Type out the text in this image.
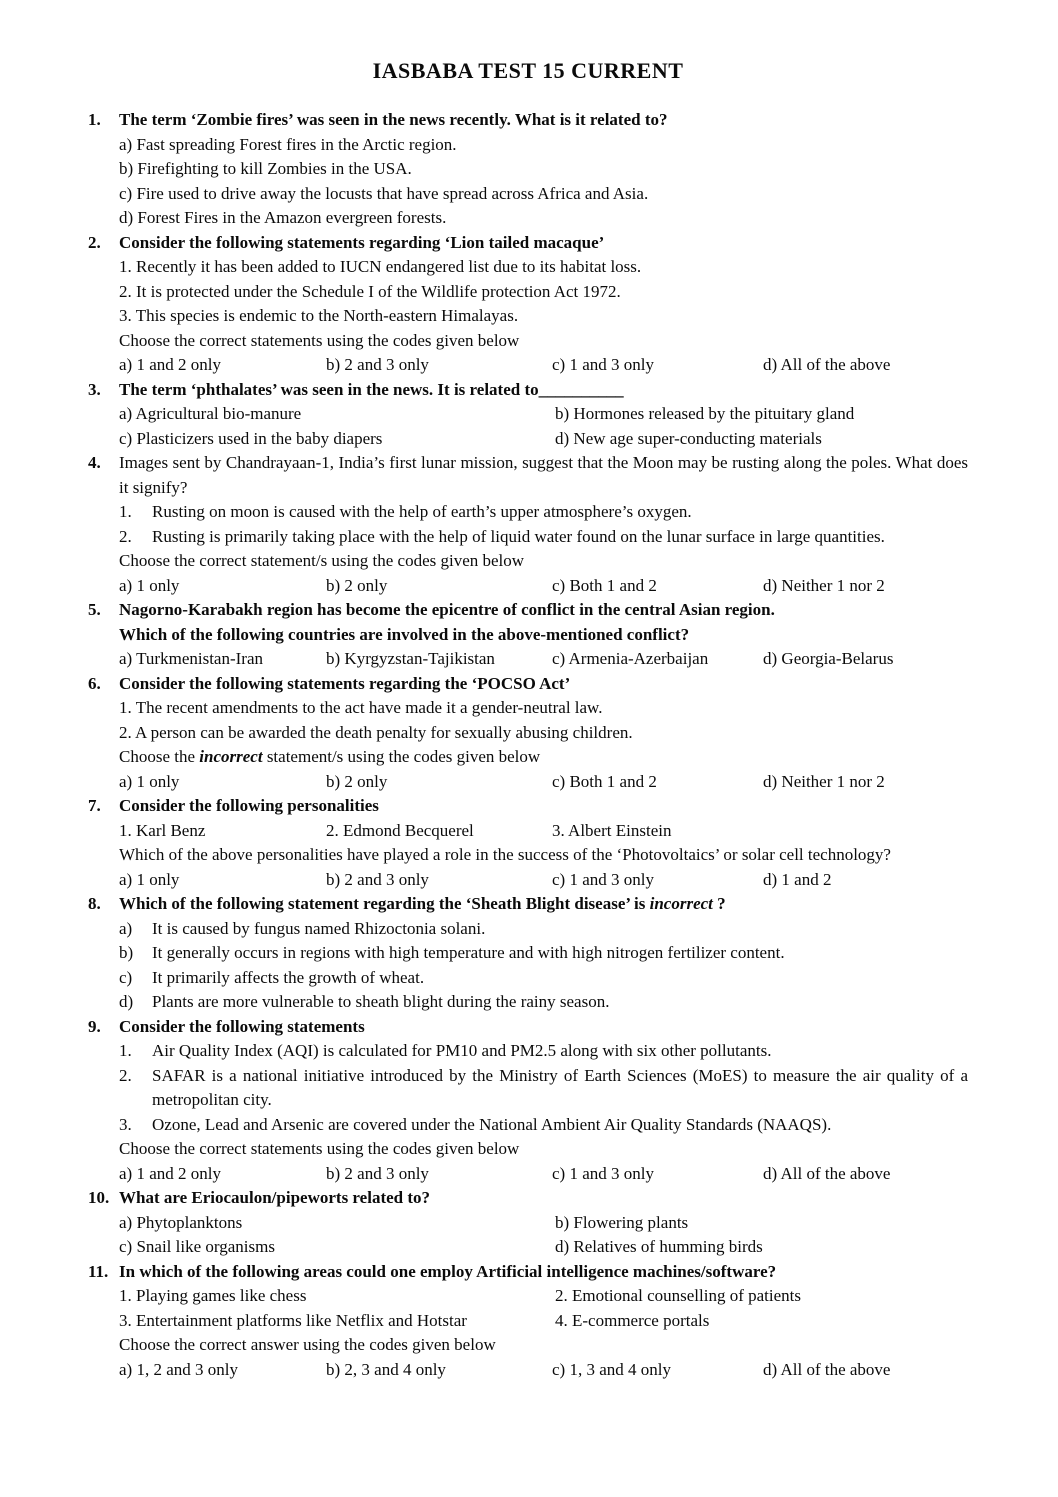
IASBABA TEST 15 CURRENT
1.	The term ‘Zombie fires’ was seen in the news recently. What is it related to?
a) Fast spreading Forest fires in the Arctic region.
b) Firefighting to kill Zombies in the USA.
c) Fire used to drive away the locusts that have spread across Africa and Asia.
d) Forest Fires in the Amazon evergreen forests.
2.	Consider the following statements regarding ‘Lion tailed macaque’
1. Recently it has been added to IUCN endangered list due to its habitat loss.
2. It is protected under the Schedule I of the Wildlife protection Act 1972.
3. This species is endemic to the North-eastern Himalayas.
Choose the correct statements using the codes given below
a) 1 and 2 only	b) 2 and 3 only	c) 1 and 3 only	d) All of the above
3.	The term ‘phthalates’ was seen in the news. It is related to__________
a) Agricultural bio-manure	b) Hormones released by the pituitary gland
c) Plasticizers used in the baby diapers	d) New age super-conducting materials
4.	Images sent by Chandrayaan-1, India’s first lunar mission, suggest that the Moon may be rusting along the poles. What does it signify?
1.	Rusting on moon is caused with the help of earth’s upper atmosphere’s oxygen.
2.	Rusting is primarily taking place with the help of liquid water found on the lunar surface in large quantities.
Choose the correct statement/s using the codes given below
a) 1 only	b) 2 only	c) Both 1 and 2	d) Neither 1 nor 2
5.	Nagorno-Karabakh region has become the epicentre of conflict in the central Asian region.
Which of the following countries are involved in the above-mentioned conflict?
a) Turkmenistan-Iran	b) Kyrgyzstan-Tajikistan	c) Armenia-Azerbaijan	d) Georgia-Belarus
6.	Consider the following statements regarding the ‘POCSO Act’
1. The recent amendments to the act have made it a gender-neutral law.
2. A person can be awarded the death penalty for sexually abusing children.
Choose the incorrect statement/s using the codes given below
a) 1 only	b) 2 only	c) Both 1 and 2	d) Neither 1 nor 2
7.	Consider the following personalities
1. Karl Benz	2. Edmond Becquerel	3. Albert Einstein
Which of the above personalities have played a role in the success of the ‘Photovoltaics’ or solar cell technology?
a) 1 only	b) 2 and 3 only	c) 1 and 3 only	d) 1 and 2
8.	Which of the following statement regarding the ‘Sheath Blight disease’ is incorrect ?
a)	It is caused by fungus named Rhizoctonia solani.
b)	It generally occurs in regions with high temperature and with high nitrogen fertilizer content.
c)	It primarily affects the growth of wheat.
d)	Plants are more vulnerable to sheath blight during the rainy season.
9.	Consider the following statements
1.	Air Quality Index (AQI) is calculated for PM10 and PM2.5 along with six other pollutants.
2.	SAFAR is a national initiative introduced by the Ministry of Earth Sciences (MoES) to measure the air quality of a metropolitan city.
3.	Ozone, Lead and Arsenic are covered under the National Ambient Air Quality Standards (NAAQS).
Choose the correct statements using the codes given below
a) 1 and 2 only	b) 2 and 3 only	c) 1 and 3 only	d) All of the above
10. What are Eriocaulon/pipeworts related to?
a) Phytoplanktons	b) Flowering plants
c) Snail like organisms	d) Relatives of humming birds
11. In which of the following areas could one employ Artificial intelligence machines/software?
1. Playing games like chess	2. Emotional counselling of patients
3. Entertainment platforms like Netflix and Hotstar	4. E-commerce portals
Choose the correct answer using the codes given below
a) 1, 2 and 3 only	b) 2, 3 and 4 only	c) 1, 3 and 4 only	d) All of the above
